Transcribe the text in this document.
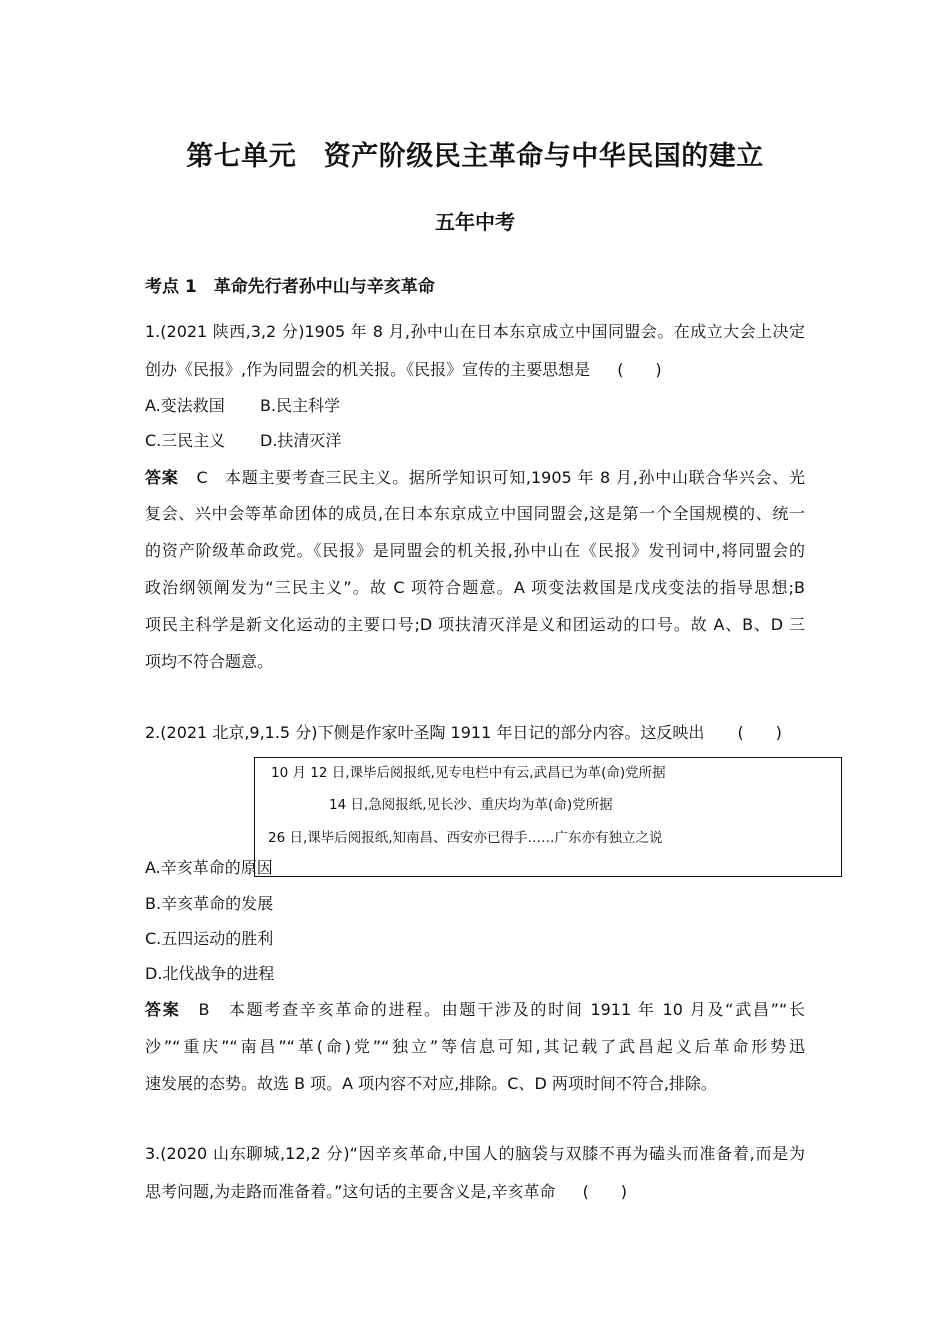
第七单元　资产阶级民主革命与中华民国的建立
五年中考
考点 1　革命先行者孙中山与辛亥革命
1.(2021 陕西,3,2 分)1905 年 8 月,孙中山在日本东京成立中国同盟会。在成立大会上决定
创办《民报》,作为同盟会的机关报。《民报》宣传的主要思想是 (　　)
A.变法救国 B.民主科学
C.三民主义 D.扶清灭洋
答案 C　本题主要考查三民主义。据所学知识可知,1905 年 8 月,孙中山联合华兴会、光
复会、兴中会等革命团体的成员,在日本东京成立中国同盟会,这是第一个全国规模的、统一
的资产阶级革命政党。《民报》是同盟会的机关报,孙中山在《民报》发刊词中,将同盟会的
政治纲领阐发为“三民主义”。故 C 项符合题意。A 项变法救国是戊戌变法的指导思想;B
项民主科学是新文化运动的主要口号;D 项扶清灭洋是义和团运动的口号。故 A、B、D 三
项均不符合题意。
2.(2021 北京,9,1.5 分)下侧是作家叶圣陶 1911 年日记的部分内容。这反映出 (　　)
10 月 12 日,课毕后阅报纸,见专电栏中有云,武昌已为革(命)党所据
14 日,急阅报纸,见长沙、重庆均为革(命)党所据
26 日,课毕后阅报纸,知南昌、西安亦已得手……广东亦有独立之说
A.辛亥革命的原因
B.辛亥革命的发展
C.五四运动的胜利
D.北伐战争的进程
答案 B　本题考查辛亥革命的进程。由题干涉及的时间 1911 年 10 月及“武昌”“长
沙”“重庆”“南昌”“革(命)党”“独立”等信息可知,其记载了武昌起义后革命形势迅
速发展的态势。故选 B 项。A 项内容不对应,排除。C、D 两项时间不符合,排除。
3.(2020 山东聊城,12,2 分)“因辛亥革命,中国人的脑袋与双膝不再为磕头而准备着,而是为
思考问题,为走路而准备着。”这句话的主要含义是,辛亥革命 (　　)
